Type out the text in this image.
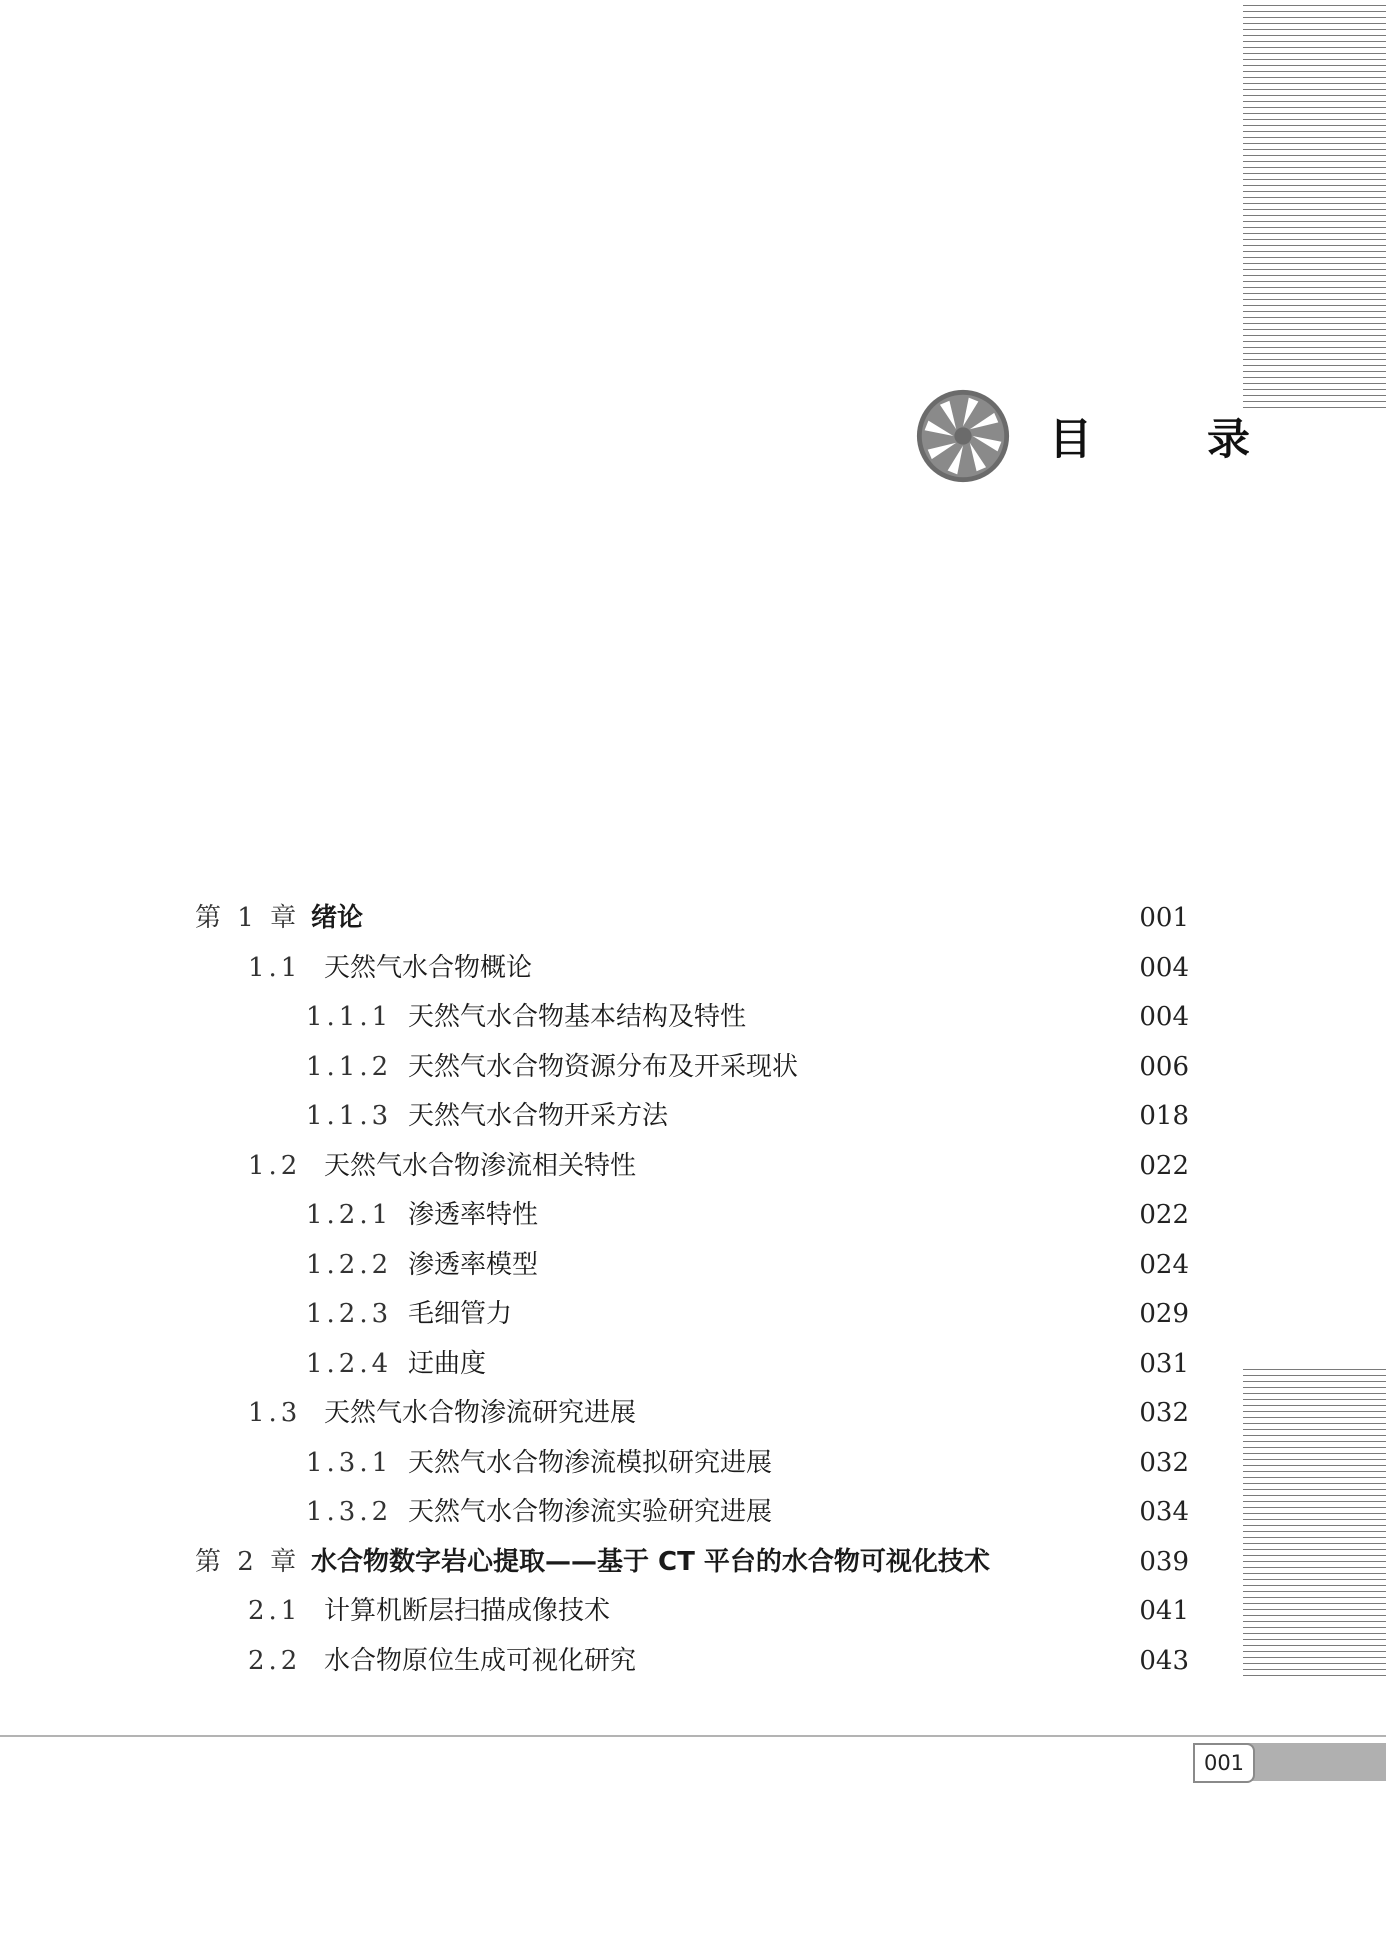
目 录
第 1 章 绪论	001
1.1 天然气水合物概论	004
1.1.1 天然气水合物基本结构及特性	004
1.1.2 天然气水合物资源分布及开采现状	006
1.1.3 天然气水合物开采方法	018
1.2 天然气水合物渗流相关特性	022
1.2.1 渗透率特性	022
1.2.2 渗透率模型	024
1.2.3 毛细管力	029
1.2.4 迂曲度	031
1.3 天然气水合物渗流研究进展	032
1.3.1 天然气水合物渗流模拟研究进展	032
1.3.2 天然气水合物渗流实验研究进展	034
第 2 章 水合物数字岩心提取——基于 CT 平台的水合物可视化技术	039
2.1 计算机断层扫描成像技术	041
2.2 水合物原位生成可视化研究	043
001
